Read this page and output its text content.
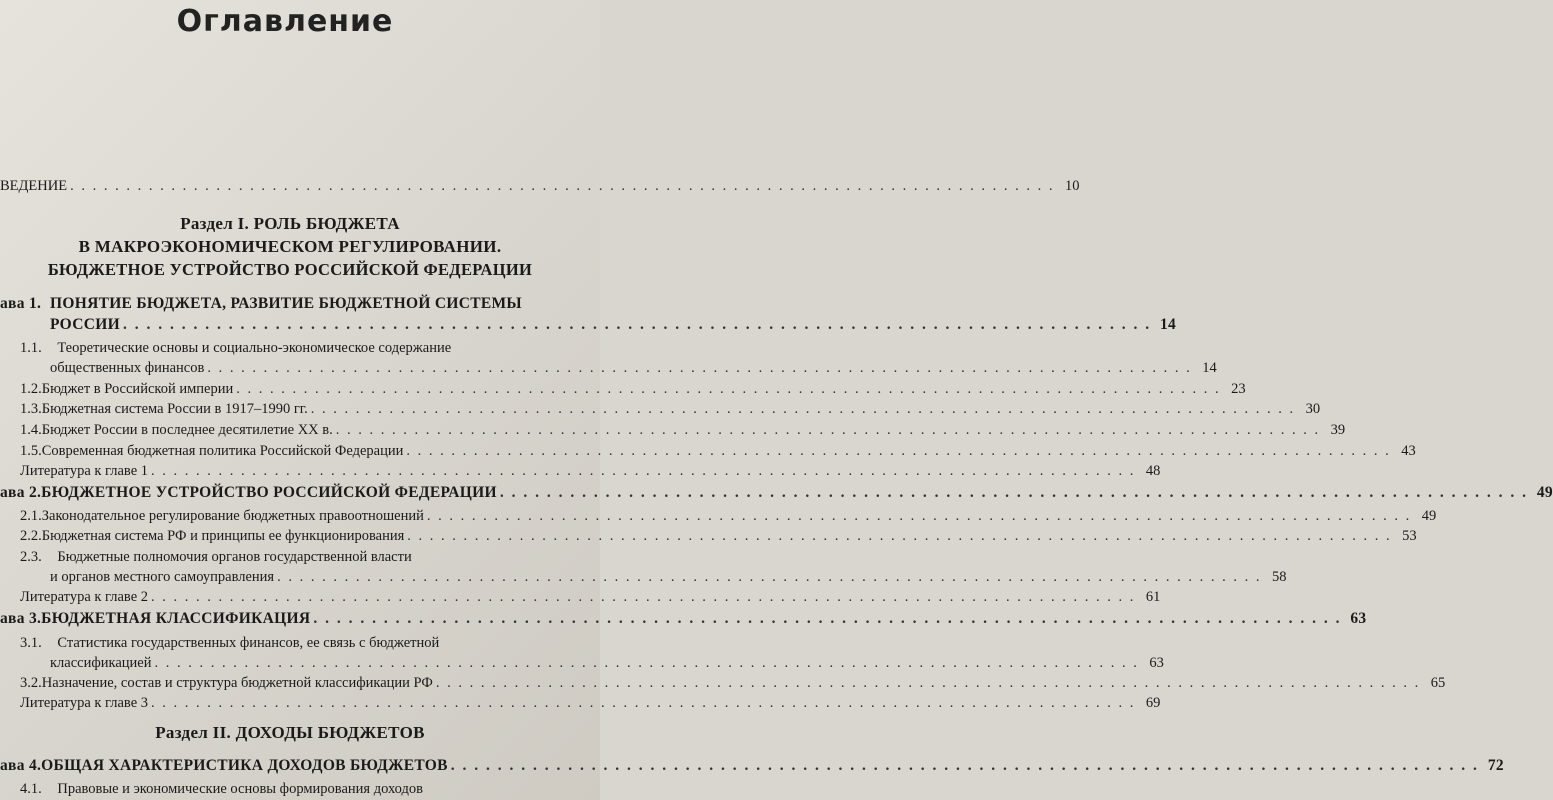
Оглавление
ВЕДЕНИЕ . . .	10
Раздел I. РОЛЬ БЮДЖЕТА
В МАКРОЭКОНОМИЧЕСКОМ РЕГУЛИРОВАНИИ.
БЮДЖЕТНОЕ УСТРОЙСТВО РОССИЙСКОЙ ФЕДЕРАЦИИ
ава 1. ПОНЯТИЕ БЮДЖЕТА, РАЗВИТИЕ БЮДЖЕТНОЙ СИСТЕМЫ
РОССИИ . . .	14
1.1. Теоретические основы и социально-экономическое содержание
общественных финансов . . .	14
1.2. Бюджет в Российской империи . . .	23
1.3. Бюджетная система России в 1917–1990 гг. . . .	30
1.4. Бюджет России в последнее десятилетие XX в. . . .	39
1.5. Современная бюджетная политика Российской Федерации . . .	43
Литература к главе 1 . . .	48
ава 2. БЮДЖЕТНОЕ УСТРОЙСТВО РОССИЙСКОЙ ФЕДЕРАЦИИ . . .	49
2.1. Законодательное регулирование бюджетных правоотношений . . .	49
2.2. Бюджетная система РФ и принципы ее функционирования . . .	53
2.3. Бюджетные полномочия органов государственной власти
и органов местного самоуправления . . .	58
Литература к главе 2 . . .	61
ава 3. БЮДЖЕТНАЯ КЛАССИФИКАЦИЯ . . .	63
3.1. Статистика государственных финансов, ее связь с бюджетной
классификацией . . .	63
3.2. Назначение, состав и структура бюджетной классификации РФ . . .	65
Литература к главе 3 . . .	69
Раздел II. ДОХОДЫ БЮДЖЕТОВ
ава 4. ОБЩАЯ ХАРАКТЕРИСТИКА ДОХОДОВ БЮДЖЕТОВ . . .	72
4.1. Правовые и экономические основы формирования доходов
